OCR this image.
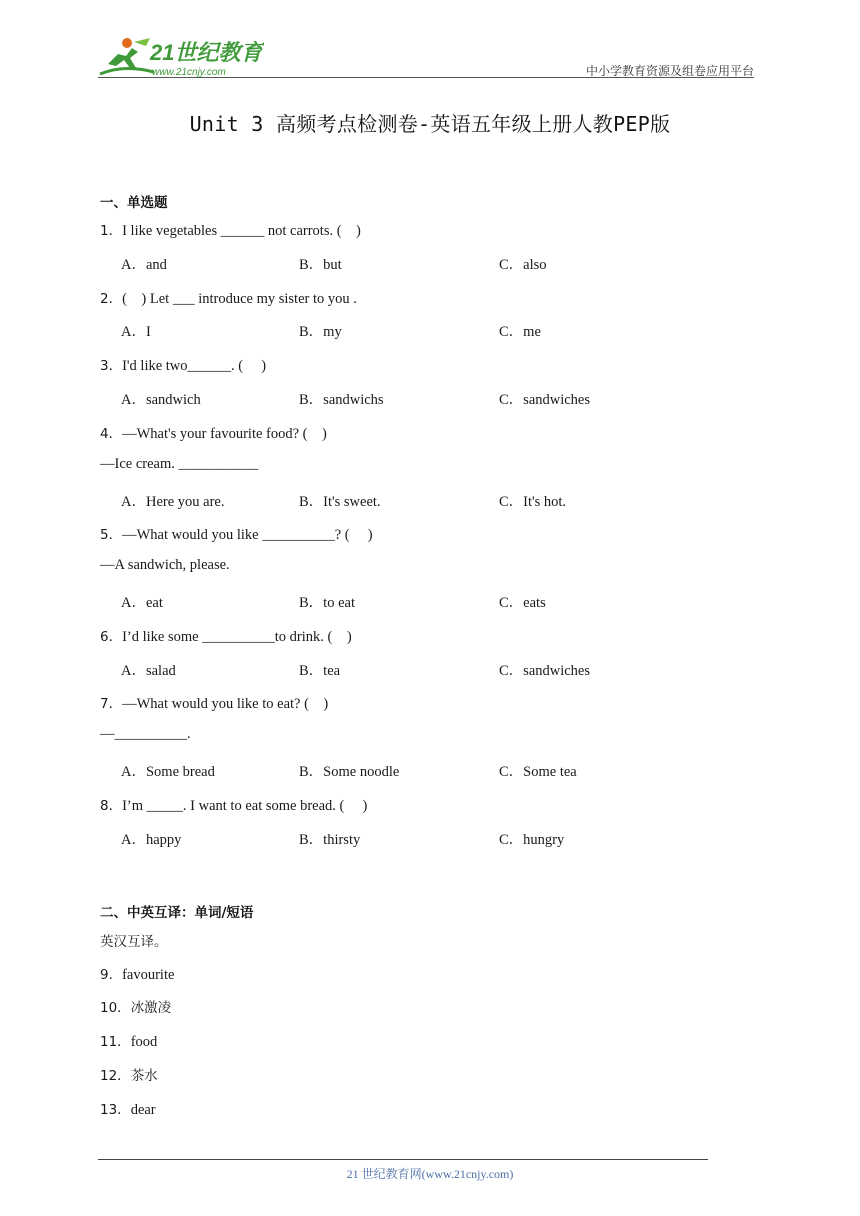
21世纪教育
www.21cnjy.com	中小学教育资源及组卷应用平台
Unit 3 高频考点检测卷-英语五年级上册人教PEP版
一、单选题
1．I like vegetables ______ not carrots. (    )
A．and	B．but	C．also
2．(    ) Let ___ introduce my sister to you .
A．I	B．my	C．me
3．I'd like two______. (     )
A．sandwich	B．sandwichs	C．sandwiches
4．—What's your favourite food? (    )
—Ice cream. ___________
A．Here you are.	B．It's sweet.	C．It's hot.
5．—What would you like __________? (     )
—A sandwich, please.
A．eat	B．to eat	C．eats
6．I’d like some __________to drink. (    )
A．salad	B．tea	C．sandwiches
7．—What would you like to eat? (    )
—__________.
A．Some bread	B．Some noodle	C．Some tea
8．I’m _____. I want to eat some bread. (     )
A．happy	B．thirsty	C．hungry
二、中英互译：单词/短语
英汉互译。
9．favourite
10．冰激凌
11．food
12．茶水
13．dear
21 世纪教育网(www.21cnjy.com)
